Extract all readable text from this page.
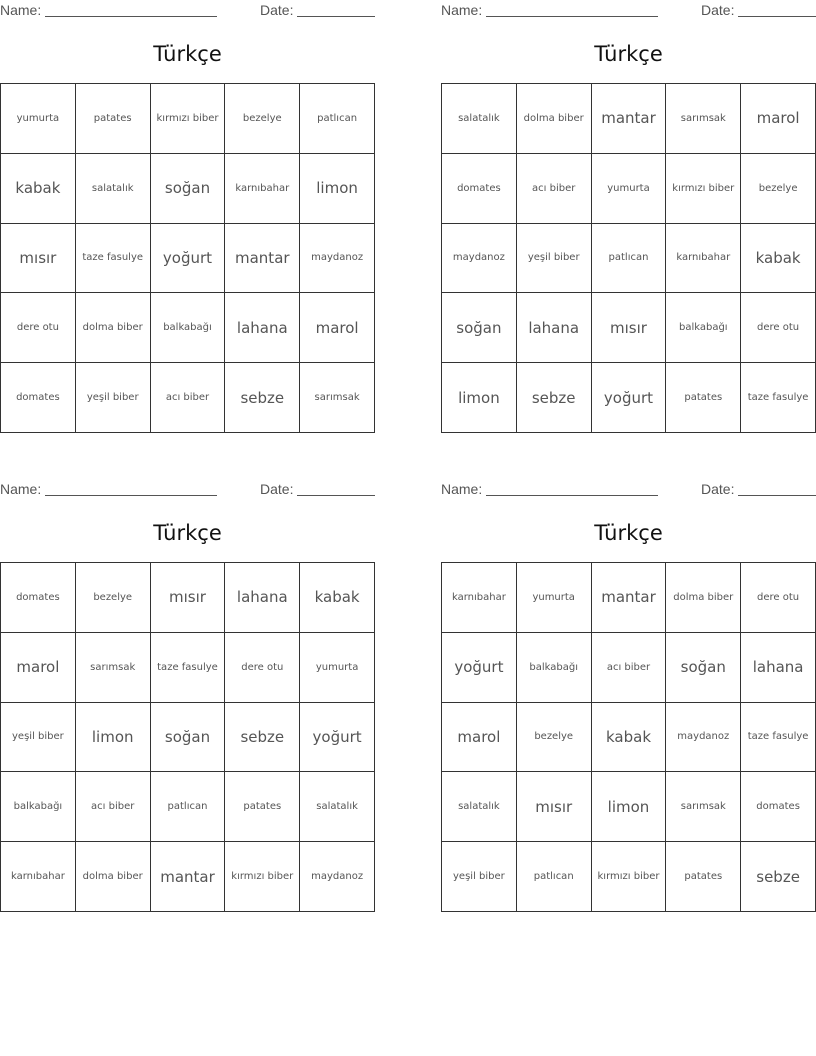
Name:	Date:
Türkçe
yumurta	patates	kırmızı biber	bezelye	patlıcan
kabak	salatalık	soğan	karnıbahar	limon
mısır	taze fasulye	yoğurt	mantar	maydanoz
dere otu	dolma biber	balkabağı	lahana	marol
domates	yeşil biber	acı biber	sebze	sarımsak
Name:	Date:
Türkçe
salatalık	dolma biber	mantar	sarımsak	marol
domates	acı biber	yumurta	kırmızı biber	bezelye
maydanoz	yeşil biber	patlıcan	karnıbahar	kabak
soğan	lahana	mısır	balkabağı	dere otu
limon	sebze	yoğurt	patates	taze fasulye
Name:	Date:
Türkçe
domates	bezelye	mısır	lahana	kabak
marol	sarımsak	taze fasulye	dere otu	yumurta
yeşil biber	limon	soğan	sebze	yoğurt
balkabağı	acı biber	patlıcan	patates	salatalık
karnıbahar	dolma biber	mantar	kırmızı biber	maydanoz
Name:	Date:
Türkçe
karnıbahar	yumurta	mantar	dolma biber	dere otu
yoğurt	balkabağı	acı biber	soğan	lahana
marol	bezelye	kabak	maydanoz	taze fasulye
salatalık	mısır	limon	sarımsak	domates
yeşil biber	patlıcan	kırmızı biber	patates	sebze
